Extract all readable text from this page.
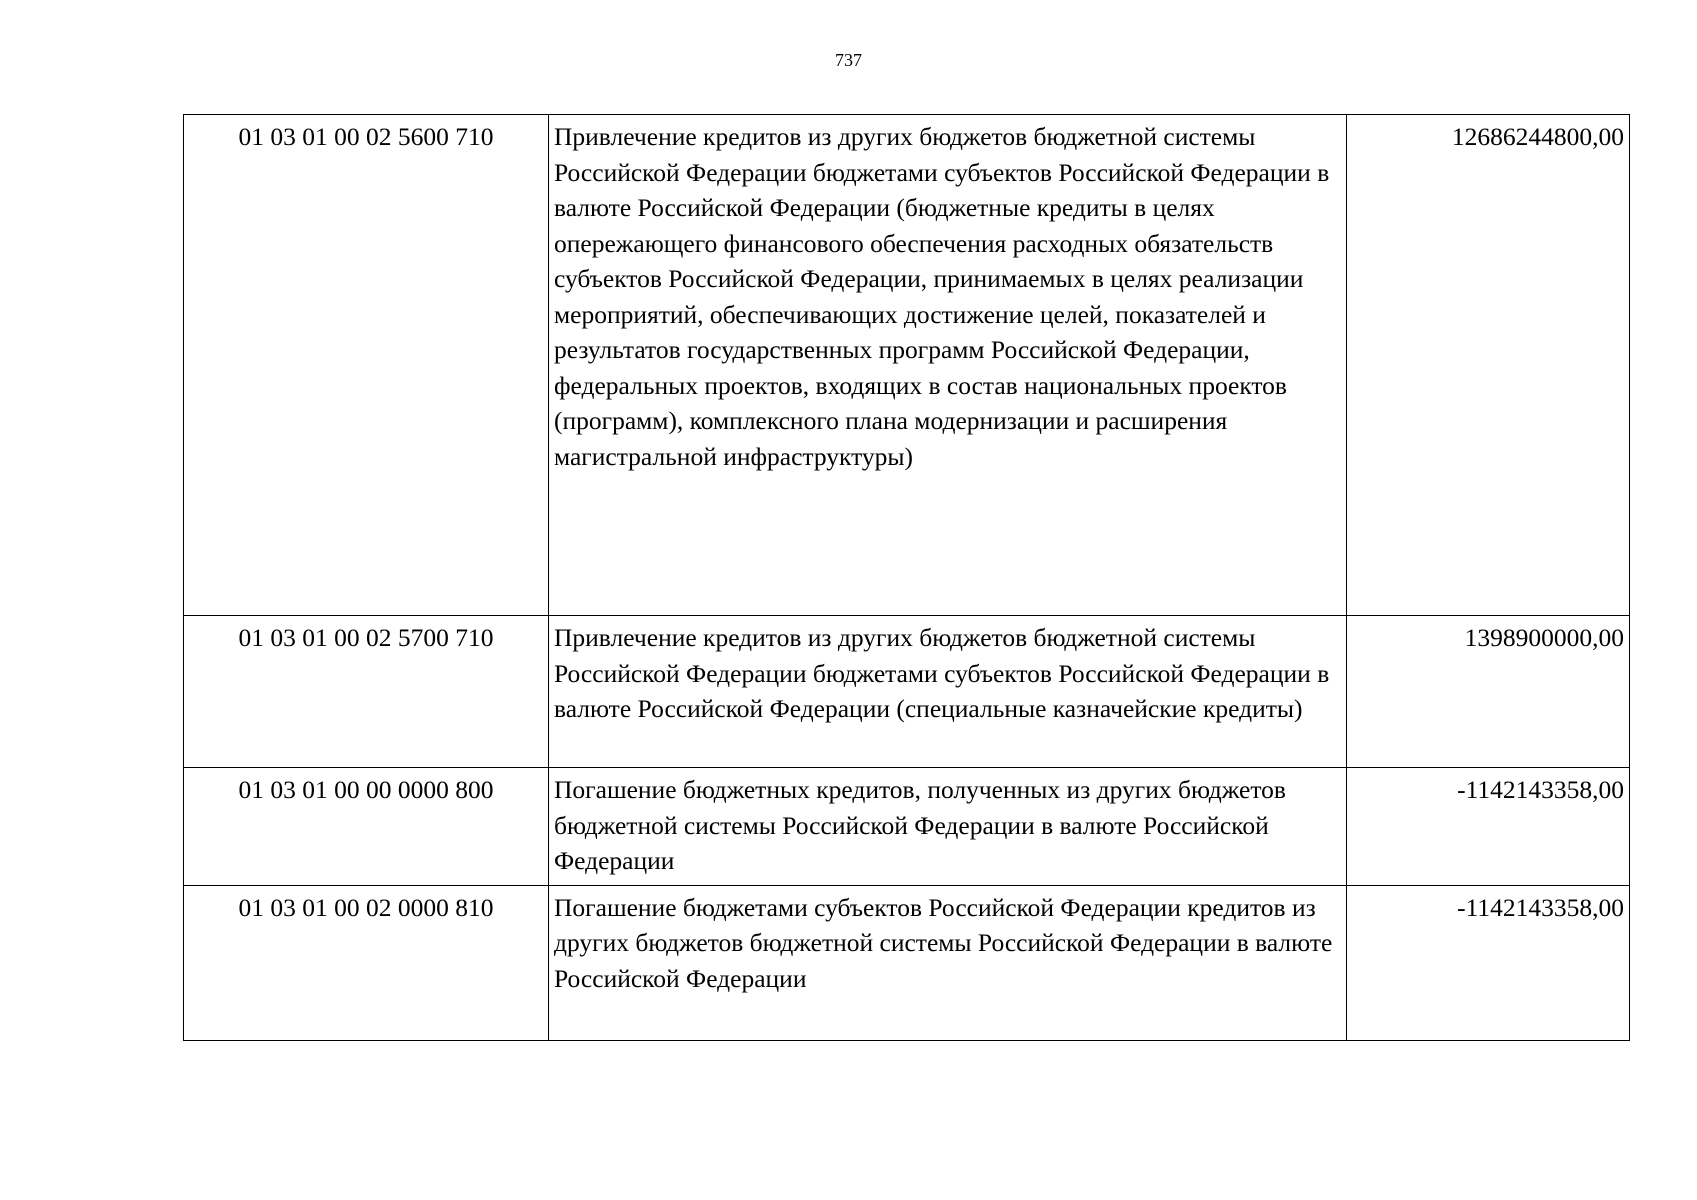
737
01 03 01 00 02 5600 710	Привлечение кредитов из других бюджетов бюджетной системы Российской Федерации бюджетами субъектов Российской Федерации в валюте Российской Федерации (бюджетные кредиты в целях опережающего финансового обеспечения расходных обязательств субъектов Российской Федерации, принимаемых в целях реализации мероприятий, обеспечивающих достижение целей, показателей и результатов государственных программ Российской Федерации, федеральных проектов, входящих в состав национальных проектов (программ), комплексного плана модернизации и расширения магистральной инфраструктуры)	12686244800,00
01 03 01 00 02 5700 710	Привлечение кредитов из других бюджетов бюджетной системы Российской Федерации бюджетами субъектов Российской Федерации в валюте Российской Федерации (специальные казначейские кредиты)	1398900000,00
01 03 01 00 00 0000 800	Погашение бюджетных кредитов, полученных из других бюджетов бюджетной системы Российской Федерации в валюте Российской Федерации	-1142143358,00
01 03 01 00 02 0000 810	Погашение бюджетами субъектов Российской Федерации кредитов из других бюджетов бюджетной системы Российской Федерации в валюте Российской Федерации	-1142143358,00
